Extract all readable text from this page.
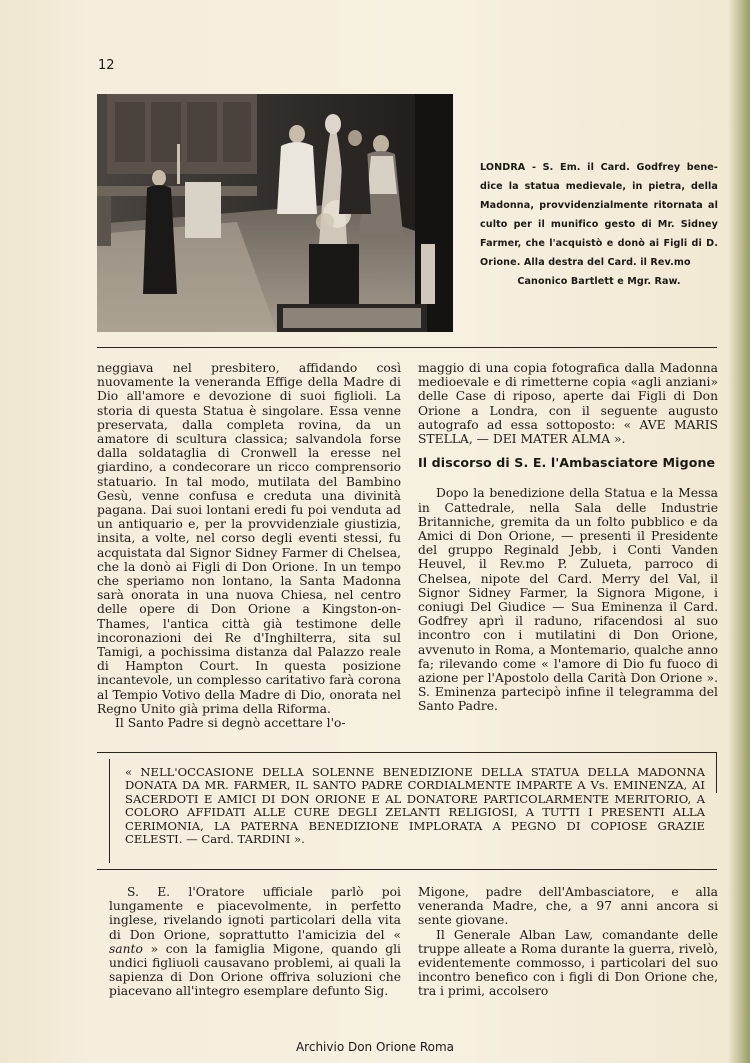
12
LONDRA - S. Em. il Card. Godfrey bene- dice la statua medievale, in pietra, della Madonna, provvidenzialmente ritornata al culto per il munifico gesto di Mr. Sidney Farmer, che l'acquistò e donò ai Figli di D. Orione. Alla destra del Card. il Rev.mo
Canonico Bartlett e Mgr. Raw.

neggiava nel presbitero, affidando così nuovamente la veneranda Effige della Madre di Dio all'amore e devozione di suoi figlioli. La storia di questa Statua è singolare. Essa venne preservata, dalla completa rovina, da un amatore di scultura classica; salvandola forse dalla soldataglia di Cronwell la eresse nel giardino, a condecorare un ricco comprensorio statuario. In tal modo, mutilata del Bambino Gesù, venne confusa e creduta una divinità pagana. Dai suoi lontani eredi fu poi venduta ad un antiquario e, per la provvidenziale giustizia, insita, a volte, nel corso degli eventi stessi, fu acquistata dal Signor Sidney Farmer di Chelsea, che la donò ai Figli di Don Orione. In un tempo che speriamo non lontano, la Santa Madonna sarà onorata in una nuova Chiesa, nel centro delle opere di Don Orione a Kingston-on-Thames, l'antica città già testimone delle incoronazioni dei Re d'Inghilterra, sita sul Tamigi, a pochissima distanza dal Palazzo reale di Hampton Court. In questa posizione incantevole, un complesso caritativo farà corona al Tempio Votivo della Madre di Dio, onorata nel Regno Unito già prima della Riforma.

Il Santo Padre si degnò accettare l'o-

maggio di una copia fotografica dalla Madonna medioevale e di rimetterne copia «agli anziani» delle Case di riposo, aperte dai Figli di Don Orione a Londra, con il seguente augusto autografo ad essa sottoposto: « AVE MARIS STELLA, — DEI MATER ALMA ».

Il discorso di S. E. l'Ambasciatore Migone

Dopo la benedizione della Statua e la Messa in Cattedrale, nella Sala delle Industrie Britanniche, gremita da un folto pubblico e da Amici di Don Orione, — presenti il Presidente del gruppo Reginald Jebb, i Conti Vanden Heuvel, il Rev.mo P. Zulueta, parroco di Chelsea, nipote del Card. Merry del Val, il Signor Sidney Farmer, la Signora Migone, i coniugi Del Giudice — Sua Eminenza il Card. Godfrey aprì il raduno, rifacendosi al suo incontro con i mutilatini di Don Orione, avvenuto in Roma, a Montemario, qualche anno fa; rilevando come « l'amore di Dio fu fuoco di azione per l'Apostolo della Carità Don Orione ». S. Eminenza partecipò infine il telegramma del Santo Padre.

« NELL'OCCASIONE DELLA SOLENNE BENEDIZIONE DELLA STATUA DELLA MADONNA DONATA DA MR. FARMER, IL SANTO PADRE CORDIALMENTE IMPARTE A Vs. EMINENZA, AI SACERDOTI E AMICI DI DON ORIONE E AL DONATORE PARTICOLARMENTE MERITORIO, A COLORO AFFIDATI ALLE CURE DEGLI ZELANTI RELIGIOSI, A TUTTI I PRESENTI ALLA CERIMONIA, LA PATERNA BENEDIZIONE IMPLORATA A PEGNO DI COPIOSE GRAZIE CELESTI. — Card. TARDINI ».

S. E. l'Oratore ufficiale parlò poi lungamente e piacevolmente, in perfetto inglese, rivelando ignoti particolari della vita di Don Orione, soprattutto l'amicizia del « santo » con la famiglia Migone, quando gli undici figliuoli causavano problemi, ai quali la sapienza di Don Orione offriva soluzioni che piacevano all'integro esemplare defunto Sig.

Migone, padre dell'Ambasciatore, e alla veneranda Madre, che, a 97 anni ancora si sente giovane.

Il Generale Alban Law, comandante delle truppe alleate a Roma durante la guerra, rivelò, evidentemente commosso, i particolari del suo incontro benefico con i figli di Don Orione che, tra i primi, accolsero

Archivio Don Orione Roma
